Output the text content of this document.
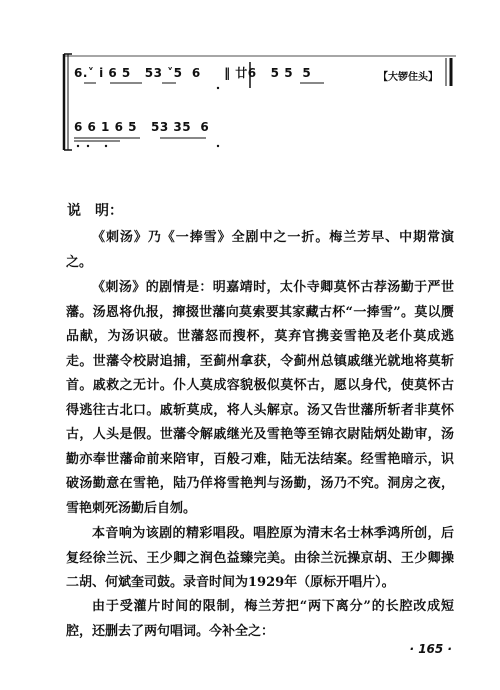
6.˅ i 6 5   53 ˅5  6     ‖ 廿6   5 5  5
6 6 1 6 5   53 35  6
【大锣住头】
说　明：

《刺汤》乃《一捧雪》全剧中之一折。梅兰芳早、中期常演之。

《刺汤》的剧情是：明嘉靖时，太仆寺卿莫怀古荐汤勤于严世藩。汤恩将仇报，撺掇世藩向莫索要其家藏古杯“一捧雪”。莫以赝品献，为汤识破。世藩怒而搜杯，莫弃官携妾雪艳及老仆莫成逃走。世藩令校尉追捕，至蓟州拿获，令蓟州总镇戚继光就地将莫斩首。戚救之无计。仆人莫成容貌极似莫怀古，愿以身代，使莫怀古得逃往古北口。戚斩莫成，将人头解京。汤又告世藩所斩者非莫怀古，人头是假。世藩令解戚继光及雪艳等至锦衣尉陆炳处勘审，汤勤亦奉世藩命前来陪审，百般刁难，陆无法结案。经雪艳暗示，识破汤勤意在雪艳，陆乃佯将雪艳判与汤勤，汤乃不究。洞房之夜，雪艳刺死汤勤后自刎。

本音响为该剧的精彩唱段。唱腔原为清末名士林季鸿所创，后复经徐兰沅、王少卿之润色益臻完美。由徐兰沅操京胡、王少卿操二胡、何斌奎司鼓。录音时间为1929年（原标开唱片）。

由于受灌片时间的限制，梅兰芳把“两下离分”的长腔改成短腔，还删去了两句唱词。今补全之：

· 165 ·
